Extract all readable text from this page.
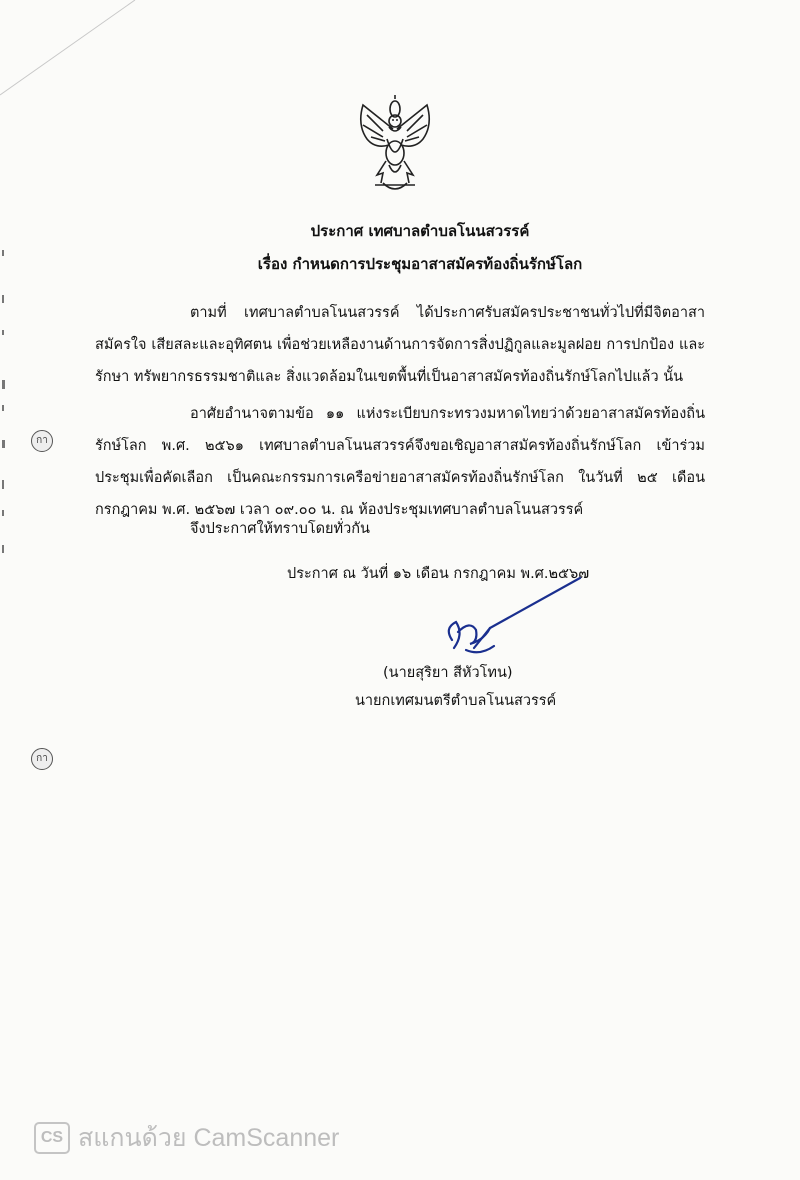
ประกาศ เทศบาลตำบลโนนสวรรค์
เรื่อง กำหนดการประชุมอาสาสมัครท้องถิ่นรักษ์โลก
ตามที่ เทศบาลตำบลโนนสวรรค์ ได้ประกาศรับสมัครประชาชนทั่วไปที่มีจิตอาสา สมัครใจ เสียสละและอุทิศตน เพื่อช่วยเหลืองานด้านการจัดการสิ่งปฏิกูลและมูลฝอย การปกป้อง และรักษา ทรัพยากรธรรมชาติและ สิ่งแวดล้อมในเขตพื้นที่เป็นอาสาสมัครท้องถิ่นรักษ์โลกไปแล้ว นั้น
อาศัยอำนาจตามข้อ ๑๑ แห่งระเบียบกระทรวงมหาดไทยว่าด้วยอาสาสมัครท้องถิ่นรักษ์โลก พ.ศ. ๒๕๖๑ เทศบาลตำบลโนนสวรรค์จึงขอเชิญอาสาสมัครท้องถิ่นรักษ์โลก เข้าร่วมประชุมเพื่อคัดเลือก เป็นคณะกรรมการเครือข่ายอาสาสมัครท้องถิ่นรักษ์โลก ในวันที่ ๒๕ เดือน กรกฎาคม พ.ศ. ๒๕๖๗ เวลา ๐๙.๐๐ น. ณ ห้องประชุมเทศบาลตำบลโนนสวรรค์
จึงประกาศให้ทราบโดยทั่วกัน
ประกาศ ณ วันที่ ๑๖ เดือน กรกฎาคม พ.ศ.๒๕๖๗
(นายสุริยา สีหัวโทน)
นายกเทศมนตรีตำบลโนนสวรรค์
กา
กา
CS สแกนด้วย CamScanner
